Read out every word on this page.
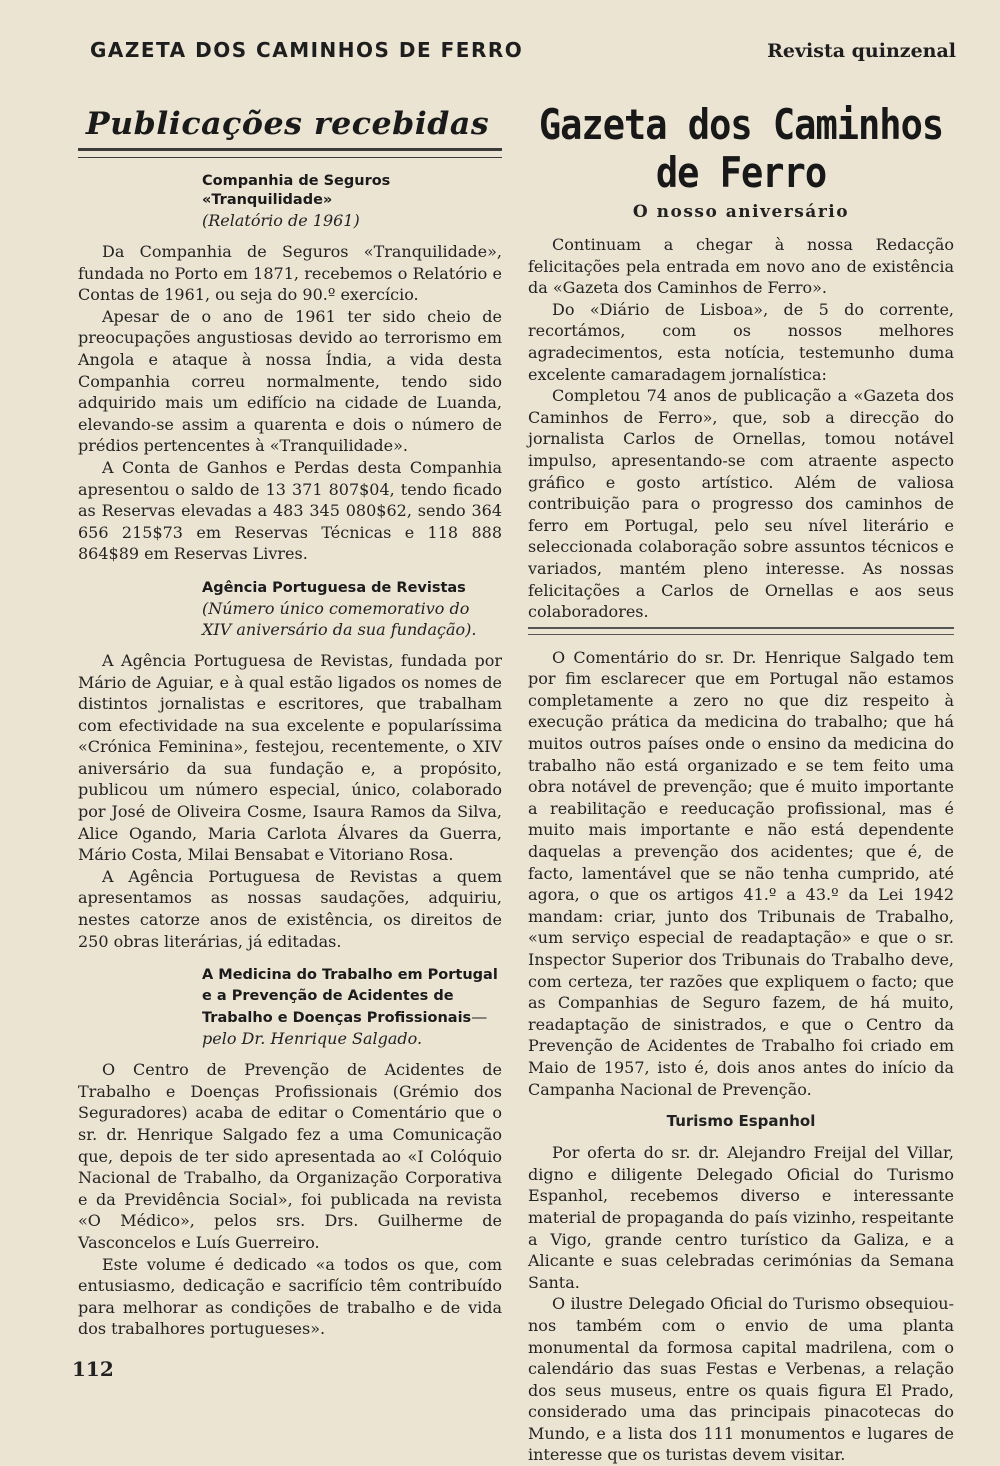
GAZETA DOS CAMINHOS DE FERRO	Revista quinzenal
Publicações recebidas
Companhia de Seguros «Tranquilidade»
(Relatório de 1961)

Da Companhia de Seguros «Tranquilidade», fundada no Porto em 1871, recebemos o Relatório e Contas de 1961, ou seja do 90.º exercício.

Apesar de o ano de 1961 ter sido cheio de preocupações angustiosas devido ao terrorismo em Angola e ataque à nossa Índia, a vida desta Companhia correu normalmente, tendo sido adquirido mais um edifício na cidade de Luanda, elevando-se assim a quarenta e dois o número de prédios pertencentes à «Tranquilidade».

A Conta de Ganhos e Perdas desta Companhia apresentou o saldo de 13 371 807$04, tendo ficado as Reservas elevadas a 483 345 080$62, sendo 364 656 215$73 em Reservas Técnicas e 118 888 864$89 em Reservas Livres.

Agência Portuguesa de Revistas (Número único comemorativo do XIV aniversário da sua fundação).

A Agência Portuguesa de Revistas, fundada por Mário de Aguiar, e à qual estão ligados os nomes de distintos jornalistas e escritores, que trabalham com efectividade na sua excelente e popularíssima «Crónica Feminina», festejou, recentemente, o XIV aniversário da sua fundação e, a propósito, publicou um número especial, único, colaborado por José de Oliveira Cosme, Isaura Ramos da Silva, Alice Ogando, Maria Carlota Álvares da Guerra, Mário Costa, Milai Bensabat e Vitoriano Rosa.

A Agência Portuguesa de Revistas a quem apresentamos as nossas saudações, adquiriu, nestes catorze anos de existência, os direitos de 250 obras literárias, já editadas.

A Medicina do Trabalho em Portugal e a Prevenção de Acidentes de Trabalho e Doenças Profissionais—pelo Dr. Henrique Salgado.

O Centro de Prevenção de Acidentes de Trabalho e Doenças Profissionais (Grémio dos Seguradores) acaba de editar o Comentário que o sr. dr. Henrique Salgado fez a uma Comunicação que, depois de ter sido apresentada ao «I Colóquio Nacional de Trabalho, da Organização Corporativa e da Previdência Social», foi publicada na revista «O Médico», pelos srs. Drs. Guilherme de Vasconcelos e Luís Guerreiro.

Este volume é dedicado «a todos os que, com entusiasmo, dedicação e sacrifício têm contribuído para melhorar as condições de trabalho e de vida dos trabalhores portugueses».

Gazeta dos Caminhos de Ferro
O nosso aniversário

Continuam a chegar à nossa Redacção felicitações pela entrada em novo ano de existência da «Gazeta dos Caminhos de Ferro».

Do «Diário de Lisboa», de 5 do corrente, recortámos, com os nossos melhores agradecimentos, esta notícia, testemunho duma excelente camaradagem jornalística:

Completou 74 anos de publicação a «Gazeta dos Caminhos de Ferro», que, sob a direcção do jornalista Carlos de Ornellas, tomou notável impulso, apresentando-se com atraente aspecto gráfico e gosto artístico. Além de valiosa contribuição para o progresso dos caminhos de ferro em Portugal, pelo seu nível literário e seleccionada colaboração sobre assuntos técnicos e variados, mantém pleno interesse. As nossas felicitações a Carlos de Ornellas e aos seus colaboradores.

O Comentário do sr. Dr. Henrique Salgado tem por fim esclarecer que em Portugal não estamos completamente a zero no que diz respeito à execução prática da medicina do trabalho; que há muitos outros países onde o ensino da medicina do trabalho não está organizado e se tem feito uma obra notável de prevenção; que é muito importante a reabilitação e reeducação profissional, mas é muito mais importante e não está dependente daquelas a prevenção dos acidentes; que é, de facto, lamentável que se não tenha cumprido, até agora, o que os artigos 41.º a 43.º da Lei 1942 mandam: criar, junto dos Tribunais de Trabalho, «um serviço especial de readaptação» e que o sr. Inspector Superior dos Tribunais do Trabalho deve, com certeza, ter razões que expliquem o facto; que as Companhias de Seguro fazem, de há muito, readaptação de sinistrados, e que o Centro da Prevenção de Acidentes de Trabalho foi criado em Maio de 1957, isto é, dois anos antes do início da Campanha Nacional de Prevenção.

Turismo Espanhol

Por oferta do sr. dr. Alejandro Freijal del Villar, digno e diligente Delegado Oficial do Turismo Espanhol, recebemos diverso e interessante material de propaganda do país vizinho, respeitante a Vigo, grande centro turístico da Galiza, e a Alicante e suas celebradas cerimónias da Semana Santa.

O ilustre Delegado Oficial do Turismo obsequiou-nos também com o envio de uma planta monumental da formosa capital madrilena, com o calendário das suas Festas e Verbenas, a relação dos seus museus, entre os quais figura El Prado, considerado uma das principais pinacotecas do Mundo, e a lista dos 111 monumentos e lugares de interesse que os turistas devem visitar.

112
